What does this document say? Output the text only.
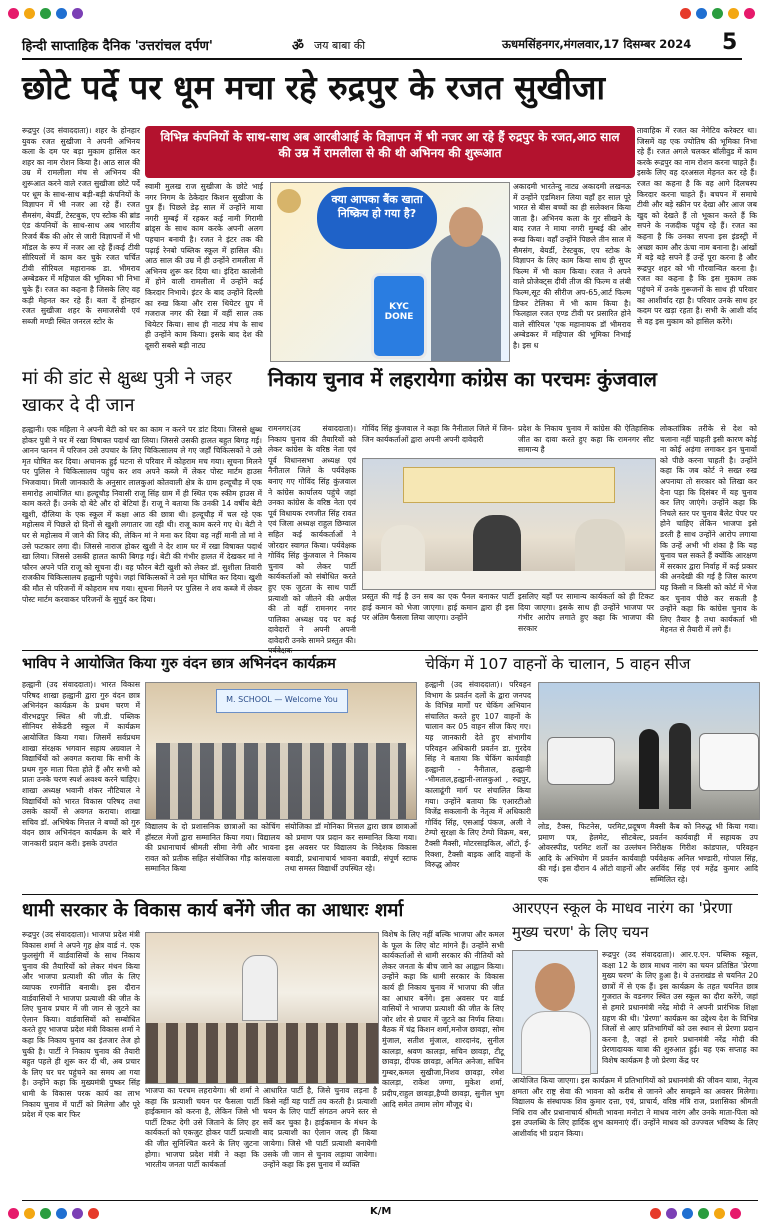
हिन्दी साप्ताहिक दैनिक 'उत्तरांचल दर्पण'	ॐ जय बाबा की	ऊधमसिंहनगर,मंगलवार,17 दिसम्बर 2024 5
छोटे पर्दे पर धूम मचा रहे रुद्रपुर के रजत सुखीजा
रूद्रपुर (उद संवाददाता)। शहर के होनहार युवक रजत सुखीजा ने अपनी अभिनय कला के दम पर बड़ा मुकाम हासिल कर शहर का नाम रोशन किया है। आठ साल की उम्र में रामलीला मंच से अभिनय की शुरूआत करने वाले रजत सुखीजा छोटे पर्दे पर धूम के साथ-साथ बड़ी-बड़ी कंपनियों के विज्ञापन में भी नजर आ रहे हैं। रजत सैमसंग, बेयर्डी, टेस्टबुक, एप स्टोक की ब्रांड एंड कंपनियों के साथ-साथ अब भारतीय रिजर्व बैंक की ओर से जारी विज्ञापनों में भी मॉडल के रूप में नजर आ रहे हैं।कई टीवी सीरियलों में काम कर चुके रजत चर्चित टीवी सीरियल महारानक डा. भीमराव अम्बेडकर में महिपाल की भूमिका भी निभा चुके हैं। रजत का कहना है जिसके लिए वह कड़ी मेहनत कर रहे हैं। बता दें होनहार रजत सुखीजा शहर के समाजसेवी एवं सब्जी मण्डी स्थित जनरल स्टोर के
विभिन्न कंपनियों के साथ-साथ अब आरबीआई के विज्ञापन में भी नजर आ रहे हैं रुद्रपुर के रजत,आठ साल की उम्र में रामलीला से की थी अभिनय की शुरूआत
स्वामी मुलख राज सुखीजा के छोटे भाई नगर निगम के ठेकेदार किशन सुखीजा के पुत्र हैं। पिछले डेढ़ साल में उन्होंने माया नगरी मुम्बई में रहकर कई नामी गिरामी ब्रांड्स के साथ काम करके अपनी अलग पहचान बनायी है। रजत ने इंटर तक की पढ़ाई रेनबो पब्लिक स्कूल में हासिल की। आठ साल की उम्र में ही उन्होंने रामलीला में अभिनय शुरू कर दिया था। इंदिरा कालोनी में होने वाली रामलीला में उन्होंने कई किरदार निभाये। इंटर के बाद उन्होंने दिल्ली का रुख किया और रास थियेटर ग्रुप में गजराज नगर की रेखा में वहीं साल तक थियेटर किया। साथ ही नाट्य मंच के साथ ही उन्होंने काम किया। इसके बाद देश की दूसरी सबसे बड़ी नाट्य
क्या आपका बैंक खाता निष्क्रिय हो गया है?
KYC DONE
अकादमी भारतेन्दु नाट्य अकादमी लखनऊ में उन्होंने एडमिशन लिया यहाँ हर साल पूरे भारत से बीस बच्चों का ही सलेक्शन किया जाता है। अभिनय कला के गुर सीखने के बाद रजत ने माया नगरी मुम्बई की ओर रूख किया। वहाँ उन्होंने पिछले तीन साल में सैमसंग, बेयर्डी, टेस्टबुक, एप स्टोक के विज्ञापन के लिए काम किया साथ ही सुपर फिल्म में भी काम किया। रजत ने अपने वाले प्रोजेक्ट्स दीवी तीज की फिल्म व लंबी फिल्म,सूट की सीरीज अप-65,आर्ट फिल्म डिफर टेलिका में भी काम किया है। फिलहाल रजत एण्ड टीवी पर प्रसारित होने वाले सीरियल 'एक महानायक डॉ भीमराव अम्बेडकर में महिपाल की भूमिका निभाई है। इस ध
तावाहिक में रजत का नेगेटिव करेक्टर था। जिसमें वह एक ज्योतिष की भूमिका निभा रहे हैं। रजत अगले चलकर बॉलीवुड में काम करके रूद्रपुर का नाम रोशन करना चाहते हैं। इसके लिए वह दरअसल मेहनत कर रहे हैं। रजत का कहना है कि वह आगे दिलचस्प किरदार करना चाहते हैं। बचपन में समाचे टीवी और बड़े स्क्रीन पर देखा और आज जब खुद को देखते हैं तो भूकान करते हैं कि सपने के नजदीक पहुंच रहे हैं। रजत का कहना है कि उनका सपना इस इंडस्ट्री में अच्छा काम और ऊंचा नाम बनाना है। आंखों में बड़े बड़े सपने हैं उन्हें पूरा करना है और रूद्रपुर शहर को भी गौरवान्वित करना है। रजत का कहना है कि इस मुकाम तक पहुंचने में उनके गुरूजनों के साथ ही परिवार का आशीर्वाद रहा है। परिवार उनके साथ हर कदम पर खड़ा रहता है। सभी के आशी र्वाद से वह इस मुकाम को हासिल करेंगे।
मां की डांट से क्षुब्ध पुत्री ने जहर खाकर दे दी जान
हल्द्वानी। एक महिला ने अपनी बेटी को घर का काम न करने पर डांट दिया। जिससे क्षुब्ध होकर पुत्री ने घर में रखा विषाक्त पदार्थ खा लिया। जिससे उसकी हालत बहुत बिगड़ गई। आनन फानन में परिजन उसे उपचार के लिए चिकित्सालय ले गए जहाँ चिकित्सकों ने उसे मृत घोषित कर दिया। अचानक हुई घटना से परिवार में कोहराम मच गया। सूचना मिलने पर पुलिस ने चिकित्सालय पहुंच कर शव अपने कब्जे में लेकर पोस्ट मार्टम हाउस भिजवाया। मिली जानकारी के अनुसार लालकुआं कोतवाली क्षेत्र के ग्राम हल्दूचौड़ में एक समारोह आयोजित था। हल्दूचौड़ निवासी राजू सिंह ग्राम में ही स्थित एक स्कीम हाउस में काम करते हैं। उनके दो बेटे और दो बेटियां हैं। राजू ने बताया कि उनकी 14 वर्षीय बेटी खुशी, दौलिया के एक स्कूल में कक्षा आठ की छात्रा थी। हल्दूचौड़ में चल रहे एक महोत्सव में पिछले दो दिनों से खुशी लगातार जा रही थी। राजू काम करने गए थे। बेटी ने घर से महोत्सव में जाने की जिद की, लेकिन मां ने मना कर दिया वह नहीं मानी तो मां ने उसे फटकार लगा दी। जिससे नाराज होकर खुशी ने देर शाम घर में रखा विषाक्त पदार्थ खा लिया। जिससे उसकी हालत काफी बिगड़ गई। बेटी की गंभीर हालत में देखकर मां ने फौरन अपने पति राजू को सूचना दी। वह फौरन बेटी खुशी को लेकर डॉ. सुशीला तिवारी राजकीय चिकित्सालय हल्द्वानी पहुंचे। जहां चिकित्सकों ने उसे मृत घोषित कर दिया। खुशी की मौत से परिजनों में कोहराम मच गया। सूचना मिलने पर पुलिस ने शव कब्जे में लेकर पोस्ट मार्टम करवाकर परिजनों के सुपुर्द कर दिया।
निकाय चुनाव में लहरायेगा कांग्रेस का परचमः कुंजवाल
रामनगर(उद संवाददाता)। निकाय चुनाव की तैयारियों को लेकर कांग्रेस के वरिष्ठ नेता एवं पूर्व विधानसभा अध्यक्ष एवं नैनीताल जिले के पर्यवेक्षक बनाए गए गोविंद सिंह कुंजवाल ने कांग्रेस कार्यालय पहुंचे जहां उनका कांग्रेस के वरिष्ठ नेता एवं पूर्व विधायक रणजीत सिंह रावत एवं जिला अध्यक्ष राहुल छिम्वाल सहित कई कार्यकर्ताओं ने जोरदार स्वागत किया। पर्यवेक्षक गोविंद सिंह कुंजवाल ने निकाय चुनाव को लेकर पार्टी कार्यकर्ताओं को संबोधित करते हुए एक जुटता के साथ पार्टी प्रत्याशी को जीतने की अपील की तो वहीं रामनगर नगर पालिका अध्यक्ष पद पर कई दावेदारों ने अपनी अपनी दावेदारी उनके सामने प्रस्तुत की।
गोविंद सिंह कुंजवाल ने कहा कि नैनीताल जिले में जिन-जिन कार्यकर्ताओं द्वारा अपनी अपनी दावेदारी
प्रदेश के निकाय चुनाव में कांग्रेस की ऐतिहासिक जीत का दावा करते हुए कहा कि रामनगर सीट सामान्य है
प्रस्तुत की गई है उन सब का एक पैनल बनाकर पार्टी हाई कमान को भेजा जाएगा। हाई कमान द्वारा ही इस पर अंतिम फैसला लिया जाएगा। उन्होंने
इसलिए यहाँ पर सामान्य कार्यकर्ता को ही टिकट दिया जाएगा। इसके साथ ही उन्होंने भाजपा पर गंभीर आरोप लगाते हुए कहा कि भाजपा की सरकार
लोकतांत्रिक तरीके से देश को चलाना नहीं चाहती इसी कारण कोई ना कोई अड़ंगा लगाकर इन चुनावों को पीछे करना चाहती है। उन्होंने कहा कि जब कोर्ट ने सख्त रुख अपनाया तो सरकार को लिखा कर देना पड़ा कि दिसंबर में यह चुनाव कर लिए जाएंगे। उन्होंने कहा कि निचले स्तर पर चुनाव बैलेट पेपर पर होने चाहिए लेकिन भाजपा इसे डरती है साथ उन्होंने आरोप लगाया कि उन्हें अभी भी शंका है कि यह चुनाव चल सकते हैं क्योंकि आरक्षण में सरकार द्वारा निर्वाह में कई प्रकार की अनदेखी की गई है जिस कारण यह किसी न किसी को कोर्ट में भेज कर चुनाव पीछे कर सकती है उन्होंने कहा कि कांग्रेस चुनाव के लिए तैयार है तथा कार्यकर्ता भी मेहनत से तैयारी में लगे हैं।
भाविप ने आयोजित किया गुरु वंदन छात्र अभिनंदन कार्यक्रम
हल्द्वानी (उद संवाददाता)। भारत विकास परिषद शाखा हल्द्वानी द्वारा गुरु वंदन छात्र अभिनंदन कार्यक्रम के प्रथम चरण में वीरभद्रपुर स्थित श्री जी.डी. पब्लिक सीनियर सेकेंडरी स्कूल में कार्यक्रम आयोजित किया गया। जिसमें सर्वप्रथम शाखा संरक्षक भगवान सहाय अग्रवाल ने विद्यार्थियों को अवगत कराया कि सभी के प्रथम गुरु माता पिता होते हैं और सभी को प्रातः उनके चरण स्पर्श अवश्य करने चाहिए। शाखा अध्यक्ष भवानी शंकर नौटियाल ने विद्यार्थियों को भारत विकास परिषद तथा उसके कार्यों से अवगत कराया। शाखा सचिव डॉ. अभिषेक मित्तल ने बच्चों को गुरु वंदन छात्र अभिनंदन कार्यक्रम के बारे में जानकारी प्रदान करी। इसके उपरांत
M. SCHOOL — Welcome You
विद्यालय के दो प्रशासनिक छात्राओं का कोचिंग हॉस्टल मेजों द्वारा सम्मानित किया गया। विद्यालय की प्रधानाचार्य श्रीमती सीमा नेगी और भावना रावत को प्रतीक सहित संयोजिका गौड़ कांसवाला सम्मानित किया
संयोजिका डॉ मोनिका मित्तल द्वारा छात्र छात्राओं को प्रमाण पत्र प्रदान कर सम्मानित किया गया। इस अवसर पर विद्यालय के निदेशक विकास बवाडी, प्रधानाचार्य भावना बवाडी, संपूर्ण स्टाफ तथा समस्त विद्यार्थी उपस्थित रहे।
चेकिंग में 107 वाहनों के चालान, 5 वाहन सीज
हल्द्वानी (उद संवाददाता)। परिवहन विभाग के प्रवर्तन दलों के द्वारा जनपद के विभिन्न मार्गों पर चेकिंग अभियान संचालित करते हुए 107 वाहनों के चालान कर 05 वाहन सीज किए गए। यह जानकारी देते हुए संभागीय परिवहन अधिकारी प्रवर्तन डा. गुरदेव सिंह ने बताया कि चेकिंग कार्यवाही हल्द्वानी - नैनीताल, हल्द्वानी -भीमताल,हल्द्वानी-लालकुआं , रुद्रपुर, कालाढूंगी मार्ग पर संचालित किया गया। उन्होंने बताया कि एआरटीओ विजेंद्र सकलानी के नेतृत्व में अधिकारी गोविंद सिंह, एसआई पंकज, अली ने टेम्पो सुरक्षा के लिए टेम्पो विक्रम, बस, टैक्सी मैक्सी, मोटरसाइकिल, ऑटो, ई-रिक्शा, टैक्सी बाइक आदि वाहनों के विरुद्ध ओवर
लोड, टैक्स, फिटनेस, परमिट,प्रदूषण प्रमाण पत्र, हेलमेट, सीटबेल्ट, ओवरस्पीड, परमिट शर्तों का उल्लंघन आदि के अभियोग में प्रवर्तन कार्यवाही की गई। इस दौरान 4 ऑटो वाहनों और एक
मैक्सी कैब को निरुद्ध भी किया गया। प्रवर्तन कार्यवाही में सहायक उप निरीक्षक गिरीश कांडपाल, परिवहन पर्यवेक्षक अनिल भण्डारी, गोपाल सिंह, अरविंद सिंह एवं महेंद्र कुमार आदि सम्मिलित रहे।
धामी सरकार के विकास कार्य बनेंगे जीत का आधारः शर्मा
रूद्रपुर (उद संवाददाता)। भाजपा प्रदेश मंत्री विकास शर्मा ने अपने गृह क्षेत्र वार्ड नं. एक फुलसुंगी में वार्डवासियों के साथ निकाय चुनाव की तैयारियों को लेकर मंथन किया और भाजपा प्रत्याशी की जीत के लिए व्यापक रणनीति बनायी। इस दौरान वार्डवासियों ने भाजपा प्रत्याशी की जीत के लिए चुनाव प्रचार में जी जान से जुटने का ऐलान किया। वार्डवासियों को सम्बोधित करते हुए भाजपा प्रदेश मंत्री विकास शर्मा ने कहा कि निकाय चुनाव का इंतजार तेज हो चुकी है। पार्टी ने निकाय चुनाव की तैयारी बहुत पहले ही शुरू कर दी थी, अब प्रचार के लिए घर घर पहुंचने का समय आ गया है। उन्होंने कहा कि मुख्यमंत्री पुष्कर सिंह धामी के विकास परक कार्य का लाभ निकाय चुनाव में पार्टी को मिलेगा और पूरे प्रदेश में एक बार फिर
भाजपा का परचम लहरायेगा। श्री शर्मा ने कहा कि प्रत्याशी चयन पर फैसला पार्टी हाईकमान को करना है, लेकिन जिसे भी पार्टी टिकट देगी उसे जिताने के लिए हर कार्यकर्ता को एकजुट होकर पार्टी प्रत्याशी की जीत सुनिश्चित करने के लिए जुटना होगा। भाजपा प्रदेश मंत्री ने कहा कि भारतीय जनता पार्टी कार्यकर्ता
आधारित पार्टी है, जिसे चुनाव लड़ना है किसे नहीं यह पार्टी तय करती है। प्रत्याशी चयन के लिए पार्टी संगठन अपने स्तर से सर्वे कर चुका है। हाईकमान के मंथन के बाद प्रत्याशी का ऐलान जल्द ही किया जायेगा। जिसे भी पार्टी प्रत्याशी बनायेगी उसके जी जान से चुनाव लड़ाया जायेगा। उन्होंने कहा कि इस चुनाव में व्यक्ति
विशेष के लिए नहीं बल्कि भाजपा और कमल के फूल के लिए वोट मांगने हैं। उन्होंने सभी कार्यकर्ताओं से धामी सरकार की नीतियों को लेकर जनता के बीच जाने का आह्वान किया। उन्होंने कहा कि धामी सरकार के विकास कार्य ही निकाय चुनाव में भाजपा की जीत का आधार बनेंगे। इस अवसर पर वार्ड वासियों ने भाजपा प्रत्याशी की जीत के लिए जोर शोर से प्रचार में जुटने का निर्णय लिया। बैठक में चंद्र किशन शर्मा,मनोज छावड़ा, सोम मुंजाल, सतीश मुंजाल, शारदानंद, सुनील कालड़ा, श्रवण कालड़ा, सचिन छावड़ा, टीटू छावड़ा, दीपक छावड़ा, अमित अनेजा, सचिन गुम्बर,कमल सुखीजा,निशव छावड़ा, रमेश कालड़ा, राकेश जग्गा, मुकेश शर्मा, प्रदीप,राहुल छावड़ा,हैप्पी छावड़ा, सुनील भुग आदि समेत तमाम लोग मौजूद थे।
आरएएन स्कूल के माधव नारंग का 'प्रेरणा मुख्य चरण' के लिए चयन
रूद्रपुर (उद संवाददाता)। आर.ए.एन. पब्लिक स्कूल, कक्षा 12 के छात्र माधव नारंग का चयन प्रतिष्ठित 'प्रेरणा मुख्य चरण' के लिए हुआ है। ये उत्तराखंड से चयनित 20 छात्रों में से एक हैं। इस कार्यक्रम के तहत चयनित छात्र गुजरात के वडनगर स्थित उस स्कूल का दौरा करेंगे, जहां से हमारे प्रधानमंत्री नरेंद्र मोदी ने अपनी प्रारंभिक शिक्षा ग्रहण की थी। 'प्रेरणा' कार्यक्रम का उद्देश्य देश के विभिन्न जिलों से आए प्रतिभागियों को उस स्थान से प्रेरणा प्रदान करना है, जहां से हमारे प्रधानमंत्री नरेंद्र मोदी की प्रेरणादायक यात्रा की शुरुआत हुई। यह एक सप्ताह का विशेष कार्यक्रम है जो प्रेरणा केंद्र पर
आयोजित किया जाएगा। इस कार्यक्रम में प्रतिभागियों को प्रधानमंत्री की जीवन यात्रा, नेतृत्व क्षमता और राष्ट्र सेवा की भावना को करीब से जानने और समझने का अवसर मिलेगा। विद्यालय के संस्थापक शिव कुमार दत्ता, एवं, प्राचार्य, वरिष्ठ मंत्रि राज, प्रशासिका श्रीमती निधि राव और प्रधानाचार्य श्रीमती भावना मनोटा ने माधव नारंग और उनके माता-पिता को इस उपलब्धि के लिए हार्दिक शुभ कामनाएं दीं। उन्होंने माधव को उज्ज्वल भविष्य के लिए आशीर्वाद भी प्रदान किया।
K/M
